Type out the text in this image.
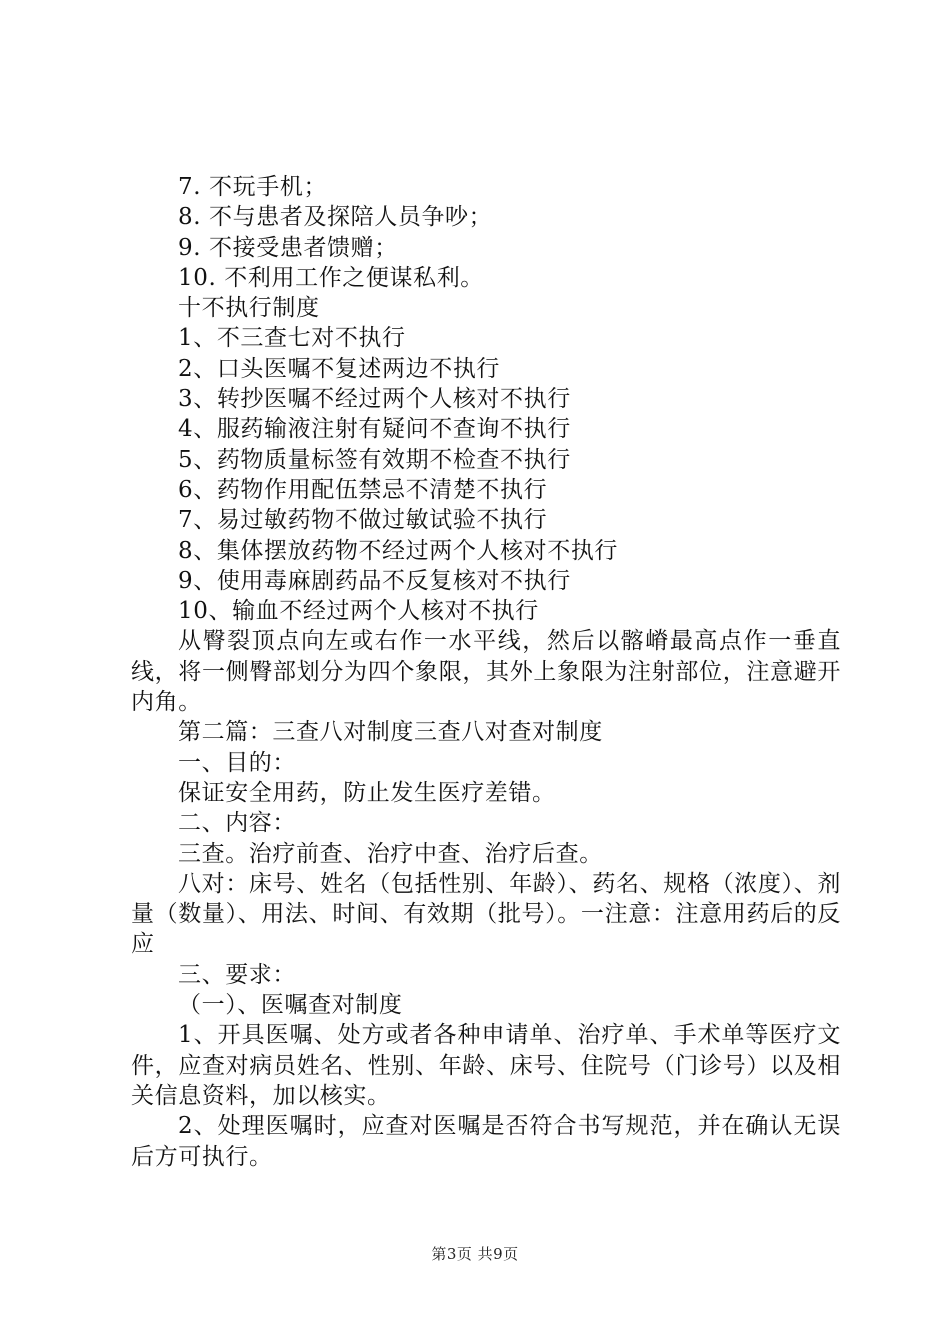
7. 不玩手机；

8. 不与患者及探陪人员争吵；

9. 不接受患者馈赠；

10. 不利用工作之便谋私利。

十不执行制度

1、不三查七对不执行

2、口头医嘱不复述两边不执行

3、转抄医嘱不经过两个人核对不执行

4、服药输液注射有疑问不查询不执行

5、药物质量标签有效期不检查不执行

6、药物作用配伍禁忌不清楚不执行

7、易过敏药物不做过敏试验不执行

8、集体摆放药物不经过两个人核对不执行

9、使用毒麻剧药品不反复核对不执行

10、输血不经过两个人核对不执行

从臀裂顶点向左或右作一水平线，然后以髂嵴最高点作一垂直线，将一侧臀部划分为四个象限，其外上象限为注射部位，注意避开内角。

第二篇：三查八对制度三查八对查对制度

一、目的：

保证安全用药，防止发生医疗差错。

二、内容：

三查。治疗前查、治疗中查、治疗后查。

八对：床号、姓名（包括性别、年龄）、药名、规格（浓度）、剂量（数量）、用法、时间、有效期（批号）。一注意：注意用药后的反应

三、要求：

（一）、医嘱查对制度

1、开具医嘱、处方或者各种申请单、治疗单、手术单等医疗文件，应查对病员姓名、性别、年龄、床号、住院号（门诊号）以及相关信息资料，加以核实。

2、处理医嘱时，应查对医嘱是否符合书写规范，并在确认无误后方可执行。

第3页 共9页
